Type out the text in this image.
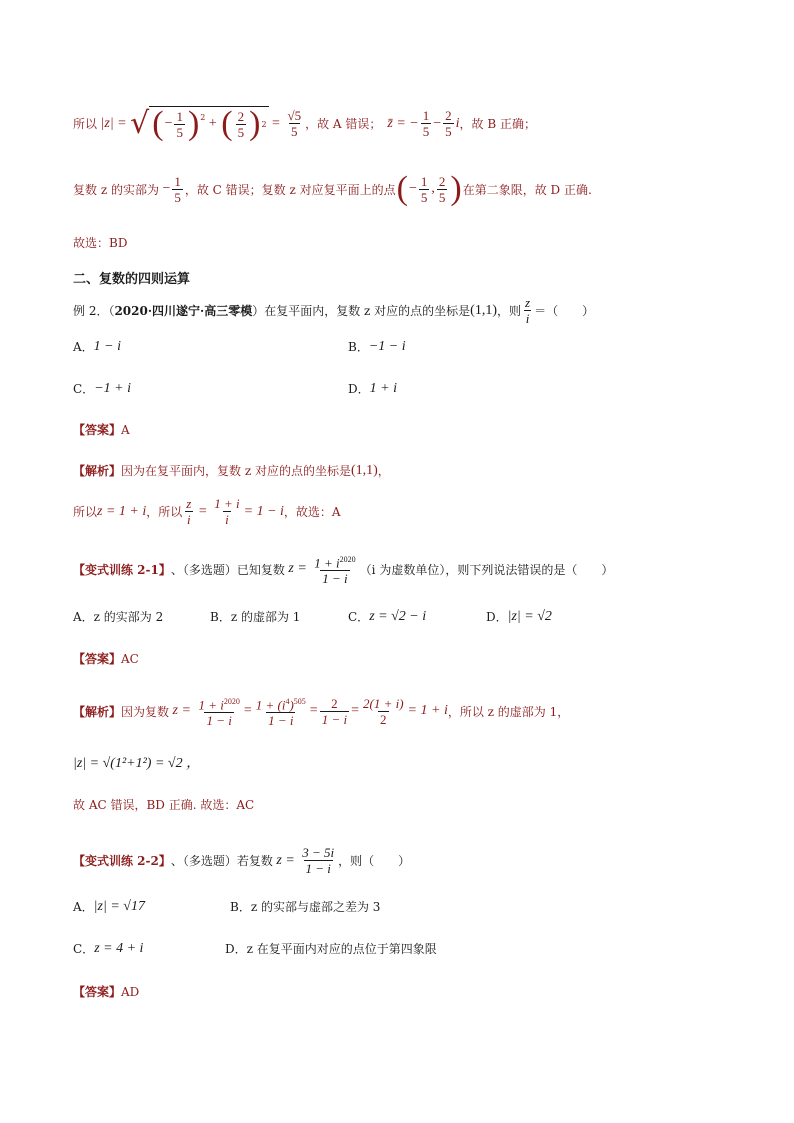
所以 |z| = √ ( − $\frac{1}{5}$ ) 2 + ( $\frac{2}{5}$ ) $2 = \frac{√5}{5}$ ，故 A 错误； z̄ = − $\frac{1}{5} - \frac{2}{5}$ i ，故 B 正确；
复数 z 的实部为 − $\frac{1}{5}$ ，故 C 错误；复数 z 对应复平面上的点 ( − $\frac{1}{5}$ , $\frac{2}{5}$ ) 在第二象限，故 D 正确.
故选：BD
二、复数的四则运算
例 2．（ 2020·四川遂宁·高三零模 ）在复平面内，复数 z 对应的点的坐标是 (1,1) ，则 $\frac{z}{i}$ ＝（　　）
A． 1 − i	B． −1 − i
C． −1 + i	D． 1 + i
【答案】 A
【解析】 因为在复平面内，复数 z 对应的点的坐标是 (1,1) ，
所以 z = 1 + i ，所以 $\frac{z}{i} = \frac{1 + i}{i} = 1 - i$ ，故选：A
【变式训练 2-1】 、（多选题）已知复数 $z = \frac{1 + i^{2020}}{1 - i} (i$ 为虚数单位），则下列说法错误的是（　　）
A．z 的实部为 2	B．z 的虚部为 1	C． z = √2 − i	D． |z| = √2
【答案】 AC
【解析】 因为复数 $z = \frac{1 + i^{2020}}{1 - i} = \frac{1 + (i^4)^{505}}{1 - i} = \frac{2}{1 - i} = \frac{2(1 + i)}{2} = 1 + i$ ，所以 z 的虚部为 1，
|z| = √(1²+1²) = √2 ，
故 AC 错误，BD 正确. 故选：AC
【变式训练 2-2】 、（多选题）若复数 $z = \frac{3 - 5i}{1 - i}$ ，则（　　）
A． |z| = √17	B．z 的实部与虚部之差为 3
C． z = 4 + i	D．z 在复平面内对应的点位于第四象限
【答案】 AD
